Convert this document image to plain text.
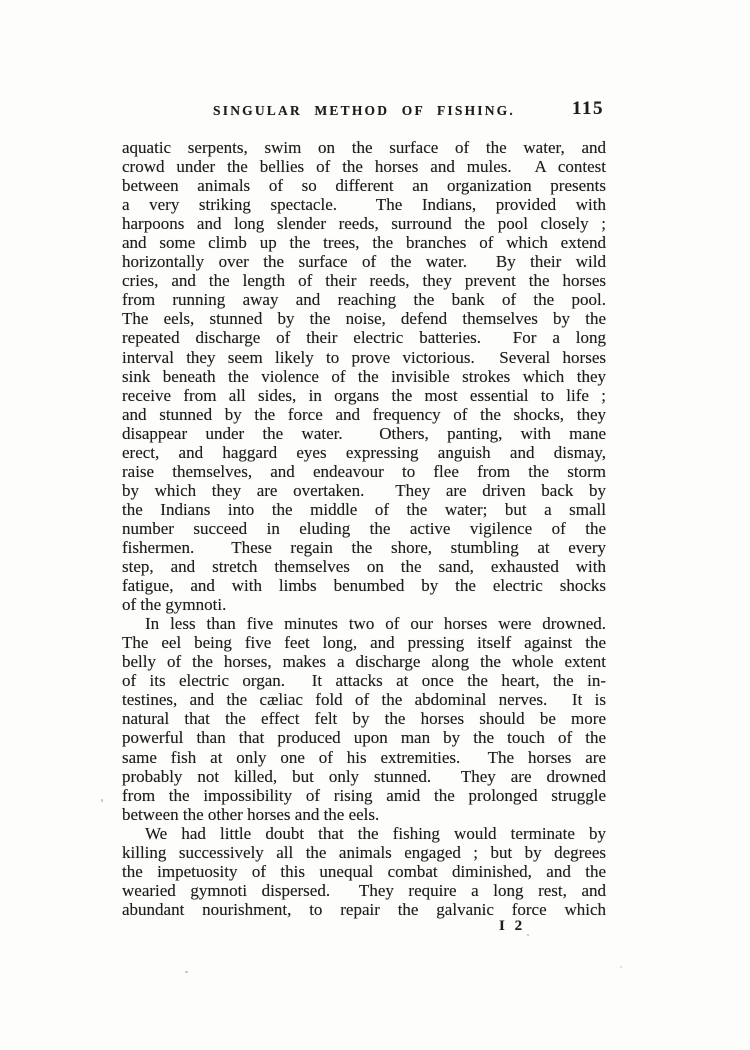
SINGULAR METHOD OF FISHING.	115
aquatic serpents, swim on the surface of the water, and
crowd under the bellies of the horses and mules.  A contest
between animals of so different an organization presents
a very striking spectacle.  The Indians, provided with
harpoons and long slender reeds, surround the pool closely ;
and some climb up the trees, the branches of which extend
horizontally over the surface of the water.  By their wild
cries, and the length of their reeds, they prevent the horses
from running away and reaching the bank of the pool.
The eels, stunned by the noise, defend themselves by the
repeated discharge of their electric batteries.  For a long
interval they seem likely to prove victorious.  Several horses
sink beneath the violence of the invisible strokes which they
receive from all sides, in organs the most essential to life ;
and stunned by the force and frequency of the shocks, they
disappear under the water.  Others, panting, with mane
erect, and haggard eyes expressing anguish and dismay,
raise themselves, and endeavour to flee from the storm
by which they are overtaken.  They are driven back by
the Indians into the middle of the water; but a small
number succeed in eluding the active vigilence of the
fishermen.  These regain the shore, stumbling at every
step, and stretch themselves on the sand, exhausted with
fatigue, and with limbs benumbed by the electric shocks
of the gymnoti.
In less than five minutes two of our horses were drowned.
The eel being five feet long, and pressing itself against the
belly of the horses, makes a discharge along the whole extent
of its electric organ.  It attacks at once the heart, the in-
testines, and the cæliac fold of the abdominal nerves.  It is
natural that the effect felt by the horses should be more
powerful than that produced upon man by the touch of the
same fish at only one of his extremities.  The horses are
probably not killed, but only stunned.  They are drowned
from the impossibility of rising amid the prolonged struggle
between the other horses and the eels.
We had little doubt that the fishing would terminate by
killing successively all the animals engaged ; but by degrees
the impetuosity of this unequal combat diminished, and the
wearied gymnoti dispersed.  They require a long rest, and
abundant nourishment, to repair the galvanic force which
I 2
